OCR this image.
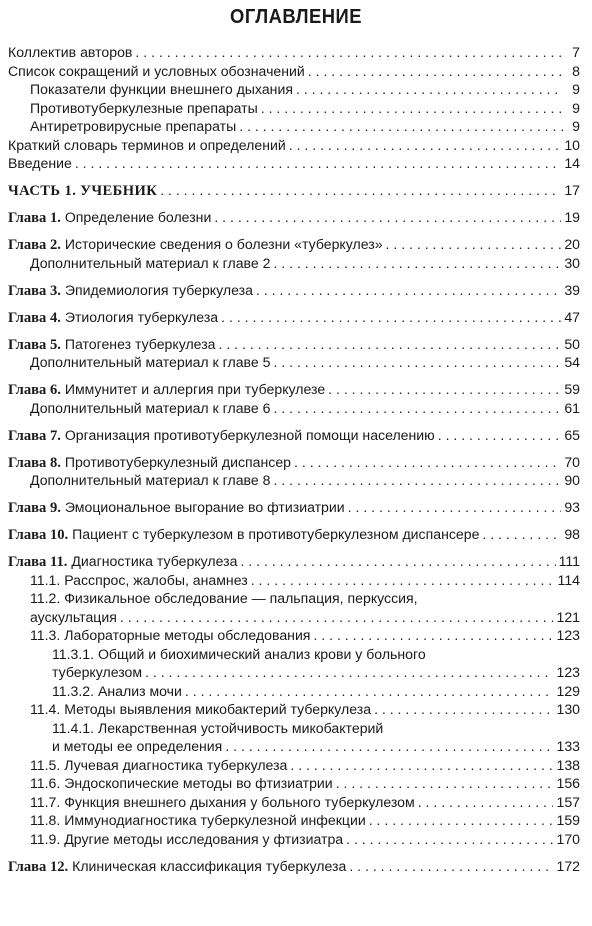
ОГЛАВЛЕНИЕ
Коллектив авторов . . .	7
Список сокращений и условных обозначений . . .	8
Показатели функции внешнего дыхания . . .	9
Противотуберкулезные препараты . . .	9
Антиретровирусные препараты . . .	9
Краткий словарь терминов и определений . . .	10
Введение . . .	14
ЧАСТЬ 1. УЧЕБНИК . . .	17
Глава 1. Определение болезни . . .	19
Глава 2. Исторические сведения о болезни «туберкулез» . . .	20
Дополнительный материал к главе 2 . . .	30
Глава 3. Эпидемиология туберкулеза . . .	39
Глава 4. Этиология туберкулеза . . .	47
Глава 5. Патогенез туберкулеза . . .	50
Дополнительный материал к главе 5 . . .	54
Глава 6. Иммунитет и аллергия при туберкулезе . . .	59
Дополнительный материал к главе 6 . . .	61
Глава 7. Организация противотуберкулезной помощи населению . . .	65
Глава 8. Противотуберкулезный диспансер . . .	70
Дополнительный материал к главе 8 . . .	90
Глава 9. Эмоциональное выгорание во фтизиатрии . . .	93
Глава 10. Пациент с туберкулезом в противотуберкулезном диспансере . . .	98
Глава 11. Диагностика туберкулеза . . .	111
11.1. Расспрос, жалобы, анамнез . . .	114
11.2. Физикальное обследование — пальпация, перкуссия,
аускультация . . .	121
11.3. Лабораторные методы обследования . . .	123
11.3.1. Общий и биохимический анализ крови у больного
туберкулезом . . .	123
11.3.2. Анализ мочи . . .	129
11.4. Методы выявления микобактерий туберкулеза . . .	130
11.4.1. Лекарственная устойчивость микобактерий
и методы ее определения . . .	133
11.5. Лучевая диагностика туберкулеза . . .	138
11.6. Эндоскопические методы во фтизиатрии . . .	156
11.7. Функция внешнего дыхания у больного туберкулезом . . .	157
11.8. Иммунодиагностика туберкулезной инфекции . . .	159
11.9. Другие методы исследования у фтизиатра . . .	170
Глава 12. Клиническая классификация туберкулеза . . .	172
